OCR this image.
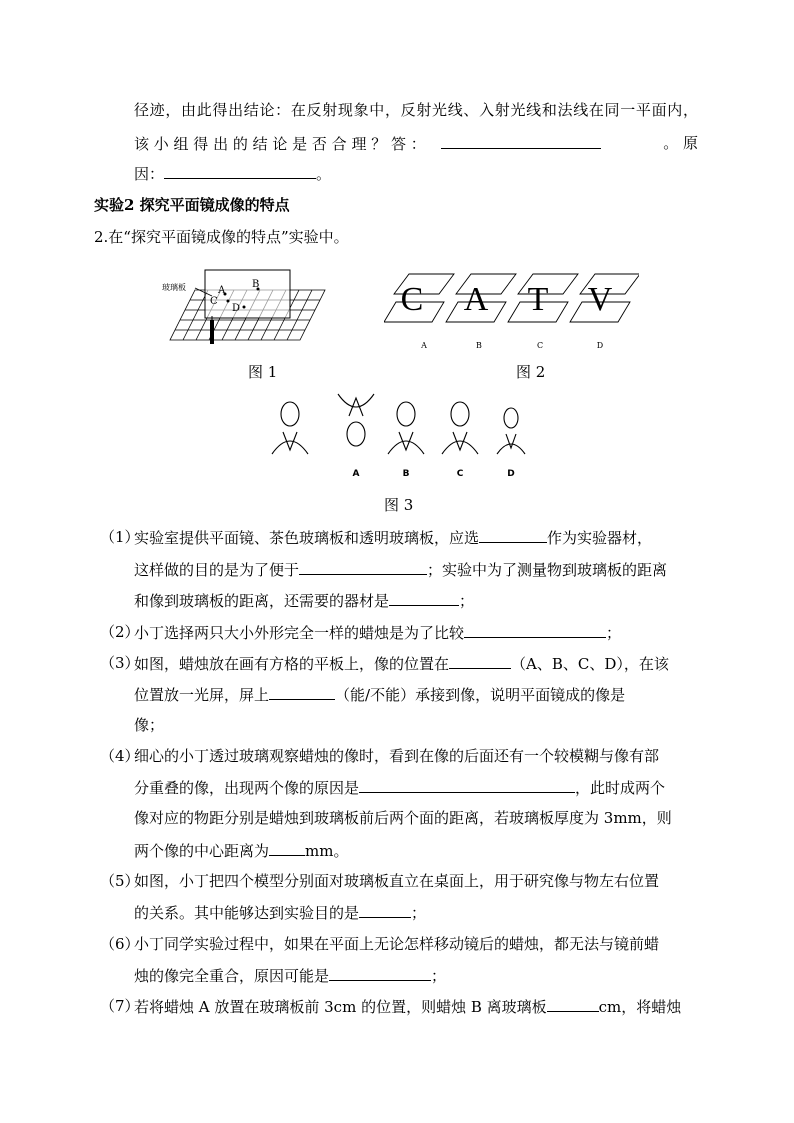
径迹，由此得出结论：在反射现象中，反射光线、入射光线和法线在同一平面内，
该 小 组 得 出 的 结 论 是 否 合 理 ？ 答 ：	。 原
因：	。
实验2 探究平面镜成像的特点
2.在“探究平面镜成像的特点”实验中。
玻璃板	A
B
C
D
图 1
C A T V
A	B	C	D
图 2
A	B	C	D
图 3
（1）
实验室提供平面镜、茶色玻璃板和透明玻璃板，应选	作为实验器材，
这样做的目的是为了便于	；实验中为了测量物到玻璃板的距离
和像到玻璃板的距离，还需要的器材是	；
（2）
小丁选择两只大小外形完全一样的蜡烛是为了比较	；
（3）
如图，蜡烛放在画有方格的平板上，像的位置在	（A、B、C、D），在该
位置放一光屏，屏上	（能/不能）承接到像，说明平面镜成的像是
像；
（4）
细心的小丁透过玻璃观察蜡烛的像时，看到在像的后面还有一个较模糊与像有部
分重叠的像，出现两个像的原因是	，此时成两个
像对应的物距分别是蜡烛到玻璃板前后两个面的距离，若玻璃板厚度为 3mm，则
两个像的中心距离为 mm。
（5）
如图，小丁把四个模型分别面对玻璃板直立在桌面上，用于研究像与物左右位置
的关系。其中能够达到实验目的是	；
（6）
小丁同学实验过程中，如果在平面上无论怎样移动镜后的蜡烛，都无法与镜前蜡
烛的像完全重合，原因可能是	；
（7）
若将蜡烛 A 放置在玻璃板前 3cm 的位置，则蜡烛 B 离玻璃板	cm，将蜡烛
